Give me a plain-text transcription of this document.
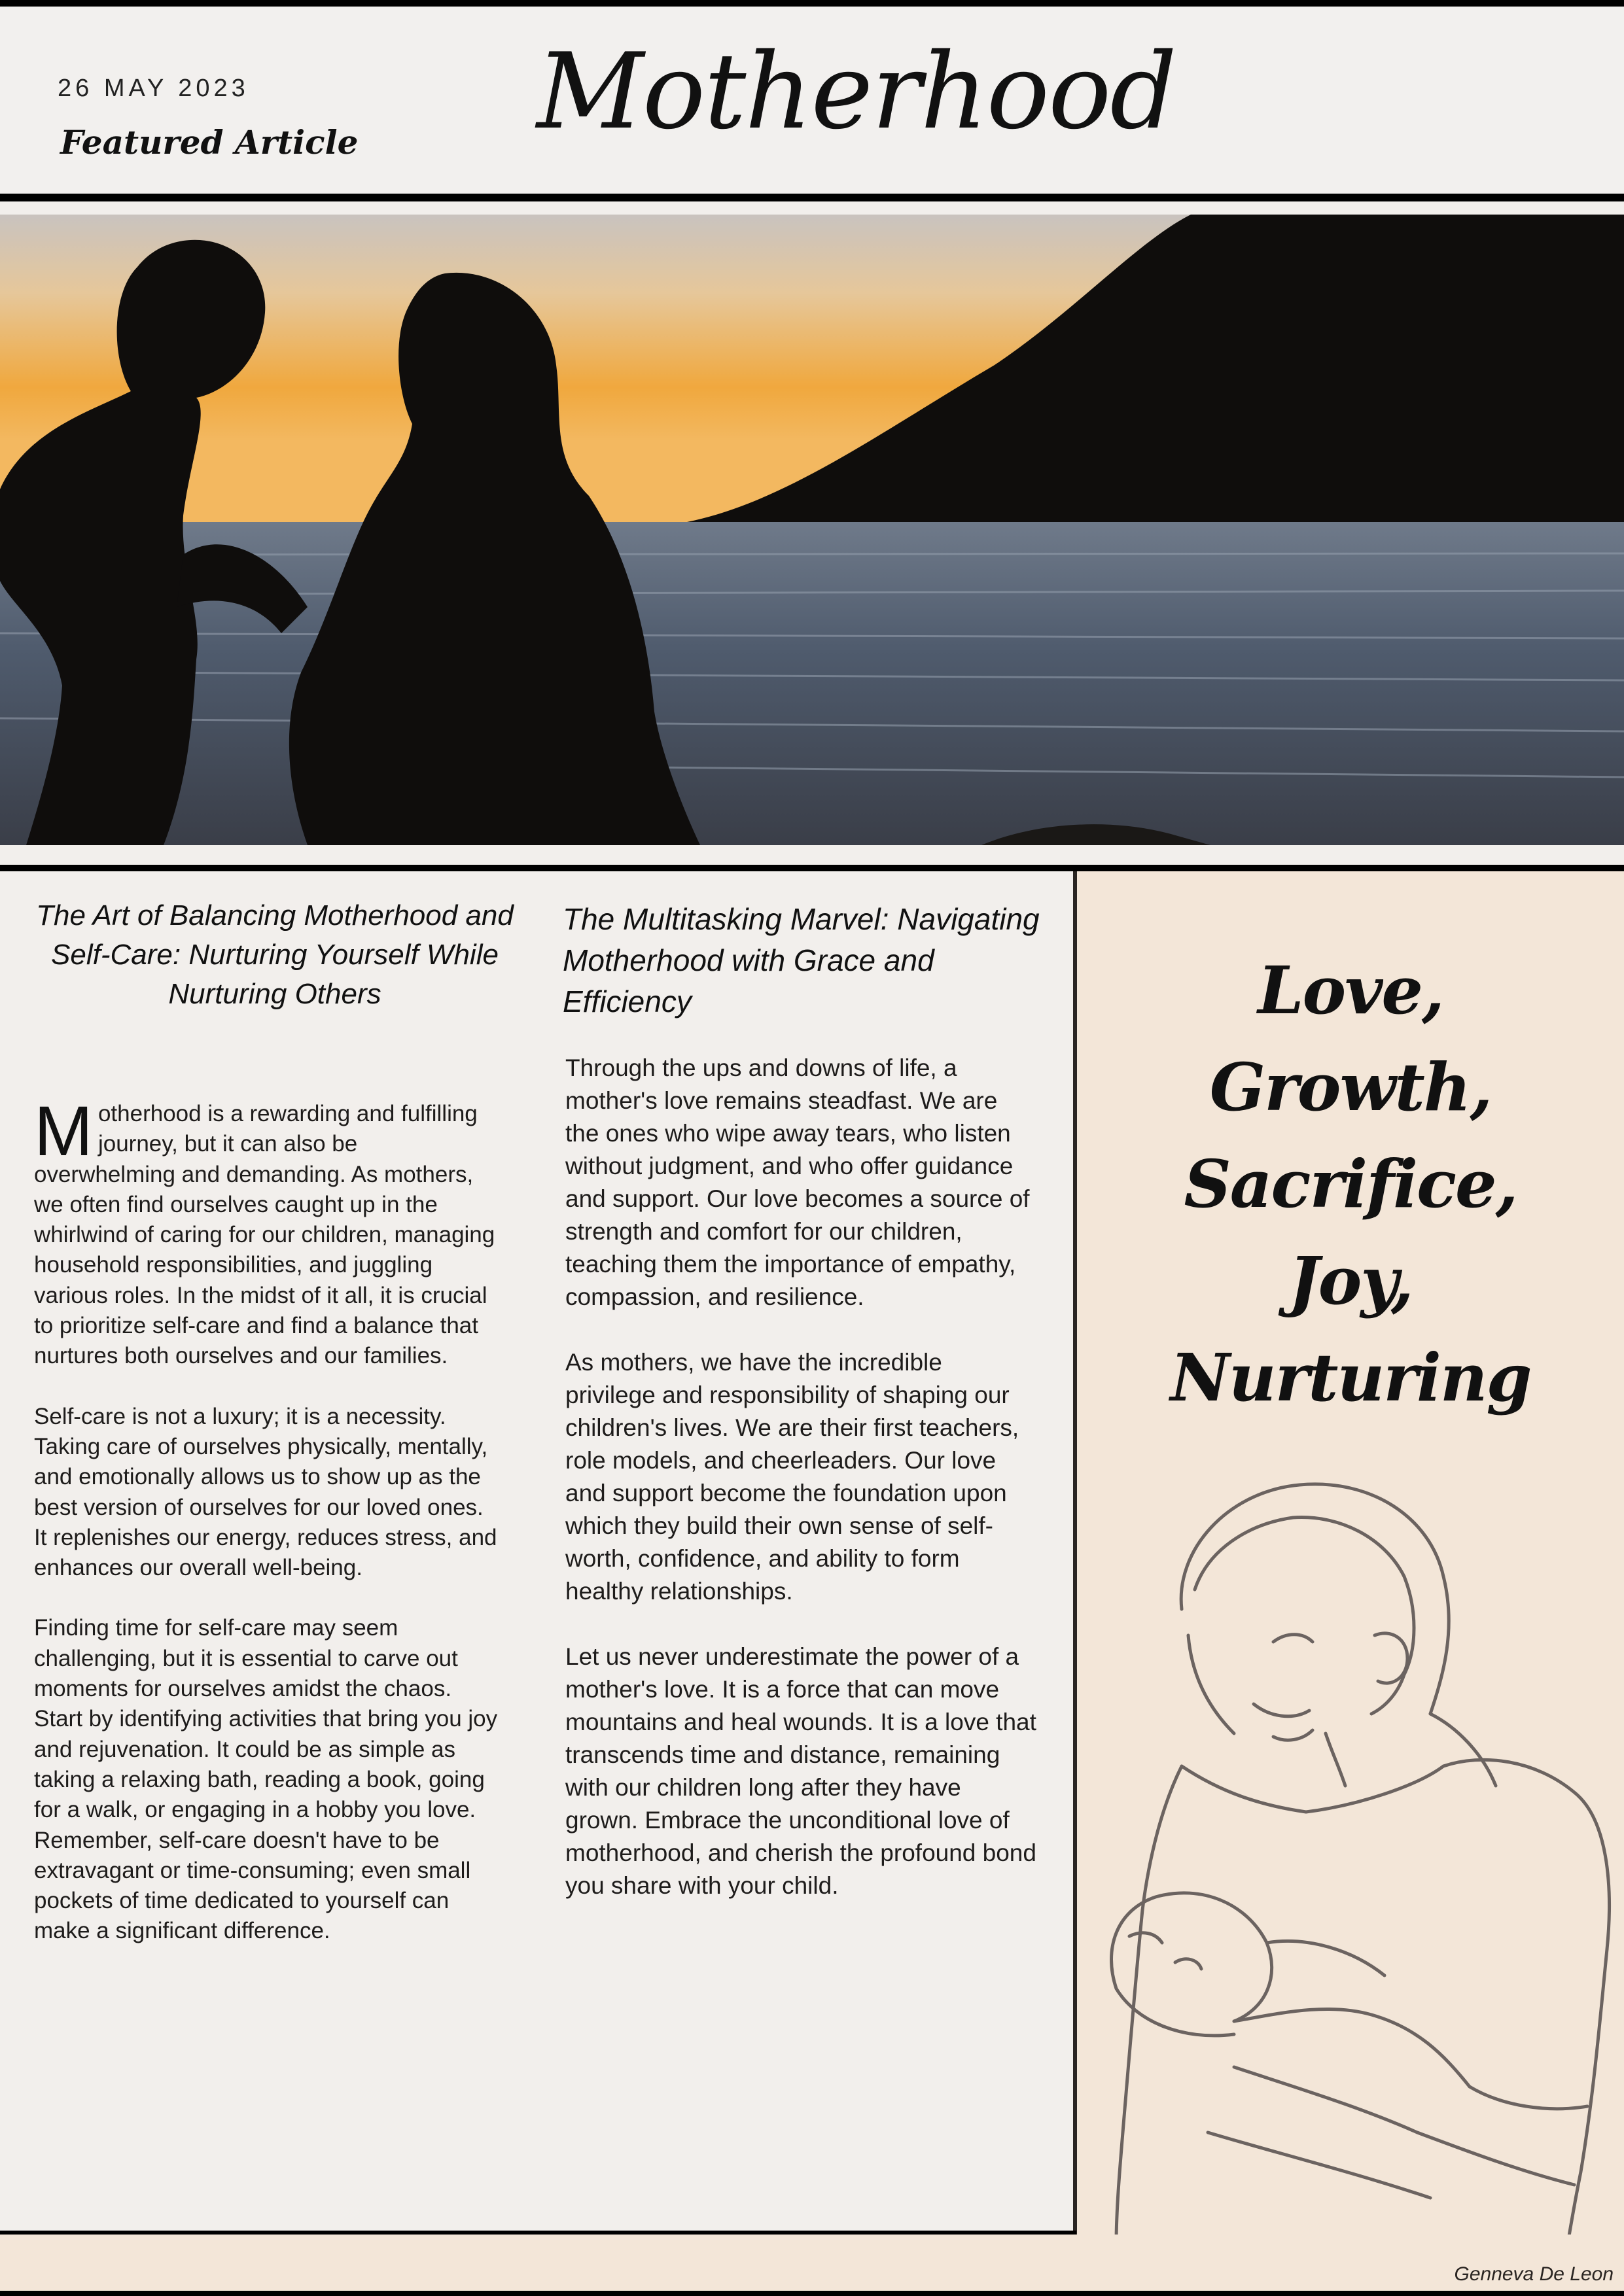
26 MAY 2023
Featured Article Motherhood
The Art of Balancing Motherhood and Self-Care: Nurturing Yourself While Nurturing Others

Motherhood is a rewarding and fulfilling journey, but it can also be overwhelming and demanding. As mothers, we often find ourselves caught up in the whirlwind of caring for our children, managing household responsibilities, and juggling various roles. In the midst of it all, it is crucial to prioritize self-care and find a balance that nurtures both ourselves and our families.

Self-care is not a luxury; it is a necessity. Taking care of ourselves physically, mentally, and emotionally allows us to show up as the best version of ourselves for our loved ones. It replenishes our energy, reduces stress, and enhances our overall well-being.

Finding time for self-care may seem challenging, but it is essential to carve out moments for ourselves amidst the chaos. Start by identifying activities that bring you joy and rejuvenation. It could be as simple as taking a relaxing bath, reading a book, going for a walk, or engaging in a hobby you love. Remember, self-care doesn't have to be extravagant or time-consuming; even small pockets of time dedicated to yourself can make a significant difference.

The Multitasking Marvel: Navigating Motherhood with Grace and Efficiency

Through the ups and downs of life, a mother's love remains steadfast. We are the ones who wipe away tears, who listen without judgment, and who offer guidance and support. Our love becomes a source of strength and comfort for our children, teaching them the importance of empathy, compassion, and resilience.

As mothers, we have the incredible privilege and responsibility of shaping our children's lives. We are their first teachers, role models, and cheerleaders. Our love and support become the foundation upon which they build their own sense of self-worth, confidence, and ability to form healthy relationships.

Let us never underestimate the power of a mother's love. It is a force that can move mountains and heal wounds. It is a love that transcends time and distance, remaining with our children long after they have grown. Embrace the unconditional love of motherhood, and cherish the profound bond you share with your child.

Love,
Growth,
Sacrifice,
Joy,
Nurturing
Genneva De Leon
